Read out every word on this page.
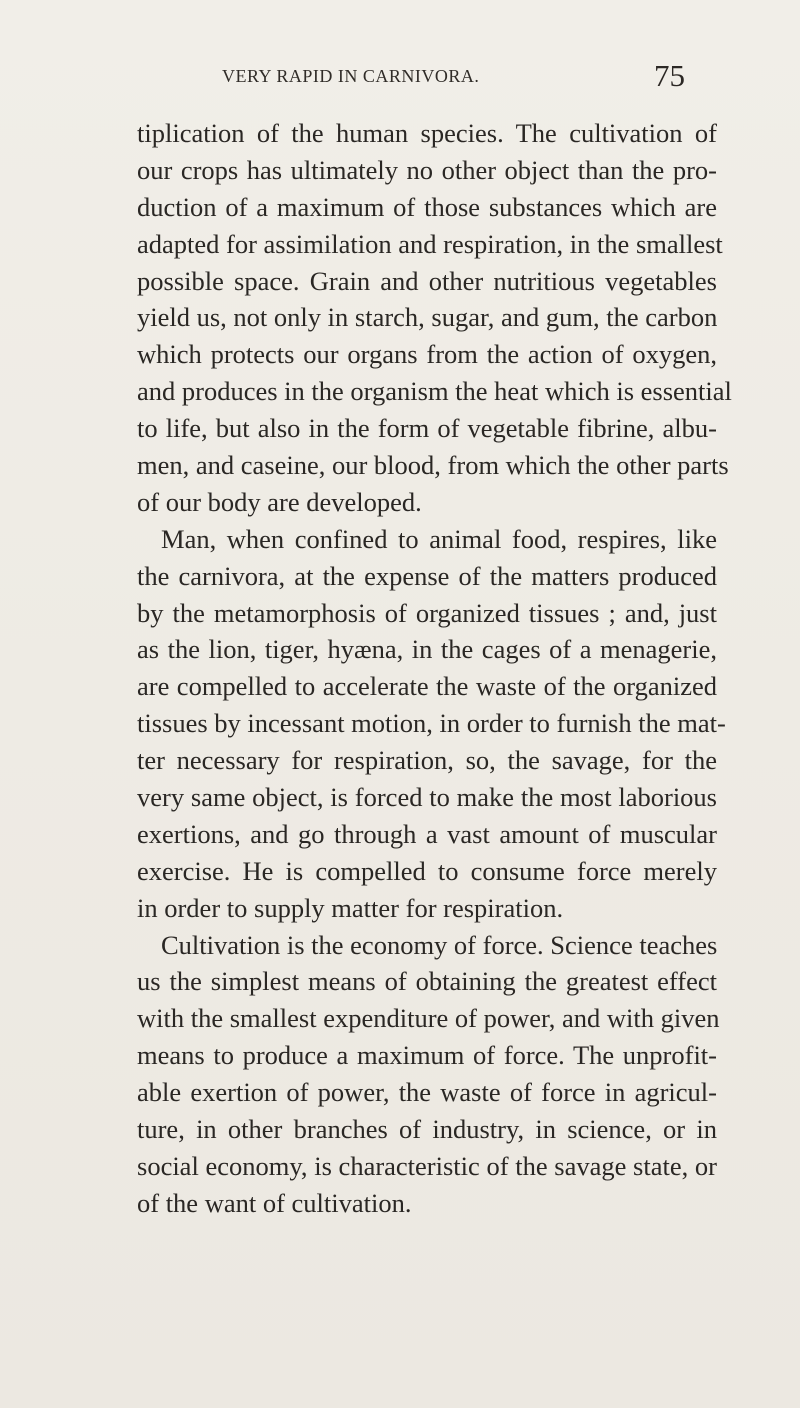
VERY RAPID IN CARNIVORA.	75
tiplication of the human species. The cultivation of
our crops has ultimately no other object than the pro-
duction of a maximum of those substances which are
adapted for assimilation and respiration, in the smallest
possible space. Grain and other nutritious vegetables
yield us, not only in starch, sugar, and gum, the carbon
which protects our organs from the action of oxygen,
and produces in the organism the heat which is essential
to life, but also in the form of vegetable fibrine, albu-
men, and caseine, our blood, from which the other parts
of our body are developed.
Man, when confined to animal food, respires, like
the carnivora, at the expense of the matters produced
by the metamorphosis of organized tissues ; and, just
as the lion, tiger, hyæna, in the cages of a menagerie,
are compelled to accelerate the waste of the organized
tissues by incessant motion, in order to furnish the mat-
ter necessary for respiration, so, the savage, for the
very same object, is forced to make the most laborious
exertions, and go through a vast amount of muscular
exercise. He is compelled to consume force merely
in order to supply matter for respiration.
Cultivation is the economy of force. Science teaches
us the simplest means of obtaining the greatest effect
with the smallest expenditure of power, and with given
means to produce a maximum of force. The unprofit-
able exertion of power, the waste of force in agricul-
ture, in other branches of industry, in science, or in
social economy, is characteristic of the savage state, or
of the want of cultivation.
